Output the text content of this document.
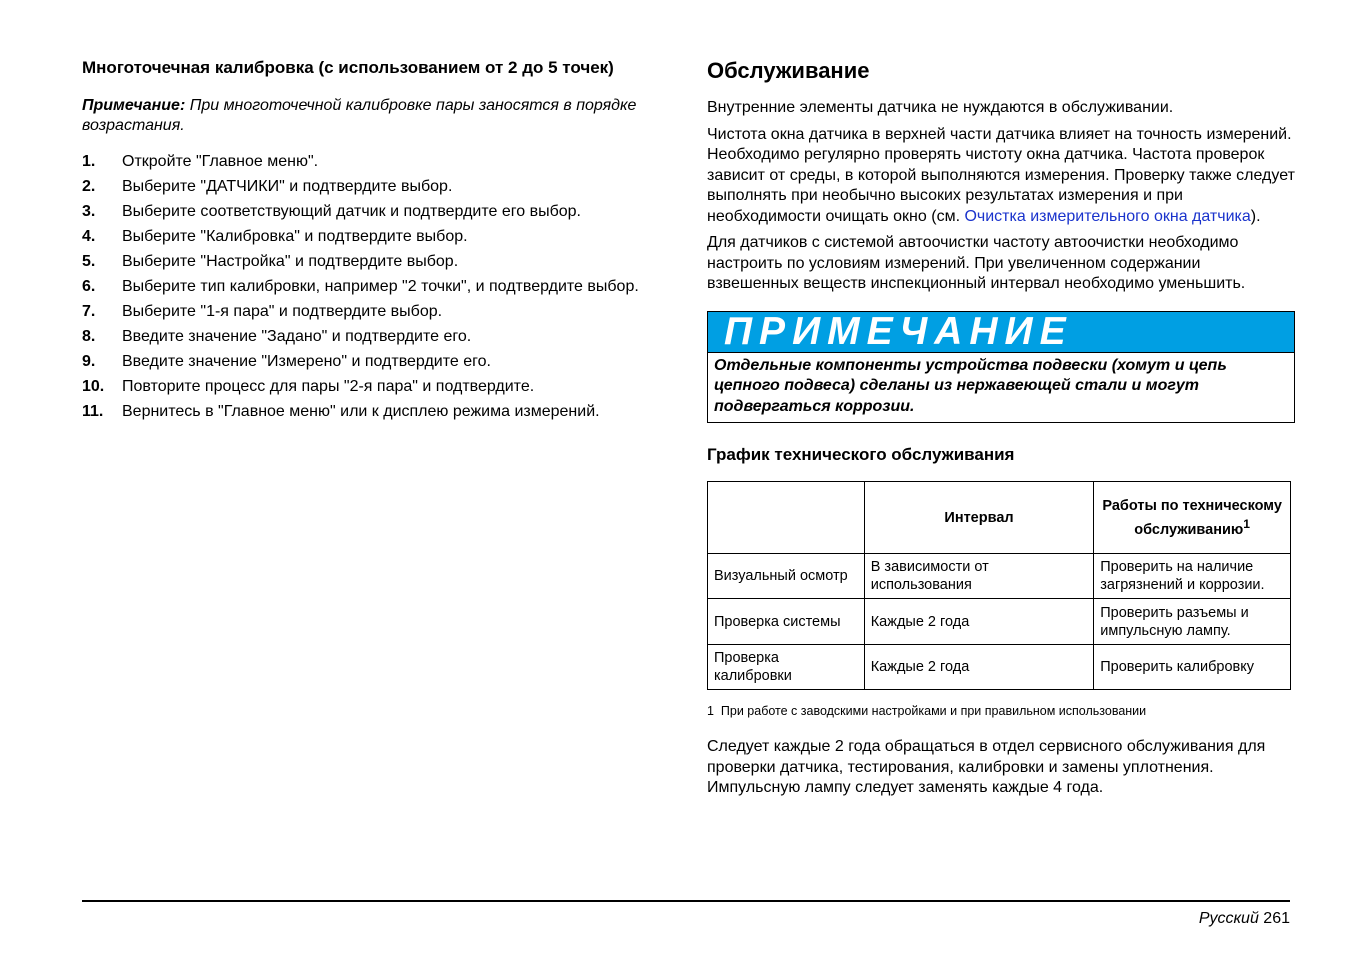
Многоточечная калибровка (с использованием от 2 до 5 точек)

Примечание: При многоточечной калибровке пары заносятся в порядке возрастания.

1.	Откройте "Главное меню".
2.	Выберите "ДАТЧИКИ" и подтвердите выбор.
3.	Выберите соответствующий датчик и подтвердите его выбор.
4.	Выберите "Калибровка" и подтвердите выбор.
5.	Выберите "Настройка" и подтвердите выбор.
6.	Выберите тип калибровки, например "2 точки", и подтвердите выбор.
7.	Выберите "1-я пара" и подтвердите выбор.
8.	Введите значение "Задано" и подтвердите его.
9.	Введите значение "Измерено" и подтвердите его.
10.	Повторите процесс для пары "2-я пара" и подтвердите.
11.	Вернитесь в "Главное меню" или к дисплею режима измерений.
Обслуживание

Внутренние элементы датчика не нуждаются в обслуживании.

Чистота окна датчика в верхней части датчика влияет на точность измерений. Необходимо регулярно проверять чистоту окна датчика. Частота проверок зависит от среды, в которой выполняются измерения. Проверку также следует выполнять при необычно высоких результатах измерения и при необходимости очищать окно (см. Очистка измерительного окна датчика).

Для датчиков с системой автоочистки частоту автоочистки необходимо настроить по условиям измерений. При увеличенном содержании взвешенных веществ инспекционный интервал необходимо уменьшить.

ПРИМЕЧАНИЕ
Отдельные компоненты устройства подвески (хомут и цепь цепного подвеса) сделаны из нержавеющей стали и могут подвергаться коррозии.
График технического обслуживания
	Интервал	Работы по техническому обслуживанию$^1$
Визуальный осмотр	В зависимости от использования	Проверить на наличие загрязнений и коррозии.
Проверка системы	Каждые 2 года	Проверить разъемы и импульсную лампу.
Проверка калибровки	Каждые 2 года	Проверить калибровку
1 При работе с заводскими настройками и при правильном использовании

Следует каждые 2 года обращаться в отдел сервисного обслуживания для проверки датчика, тестирования, калибровки и замены уплотнения. Импульсную лампу следует заменять каждые 4 года.

Русский 261
